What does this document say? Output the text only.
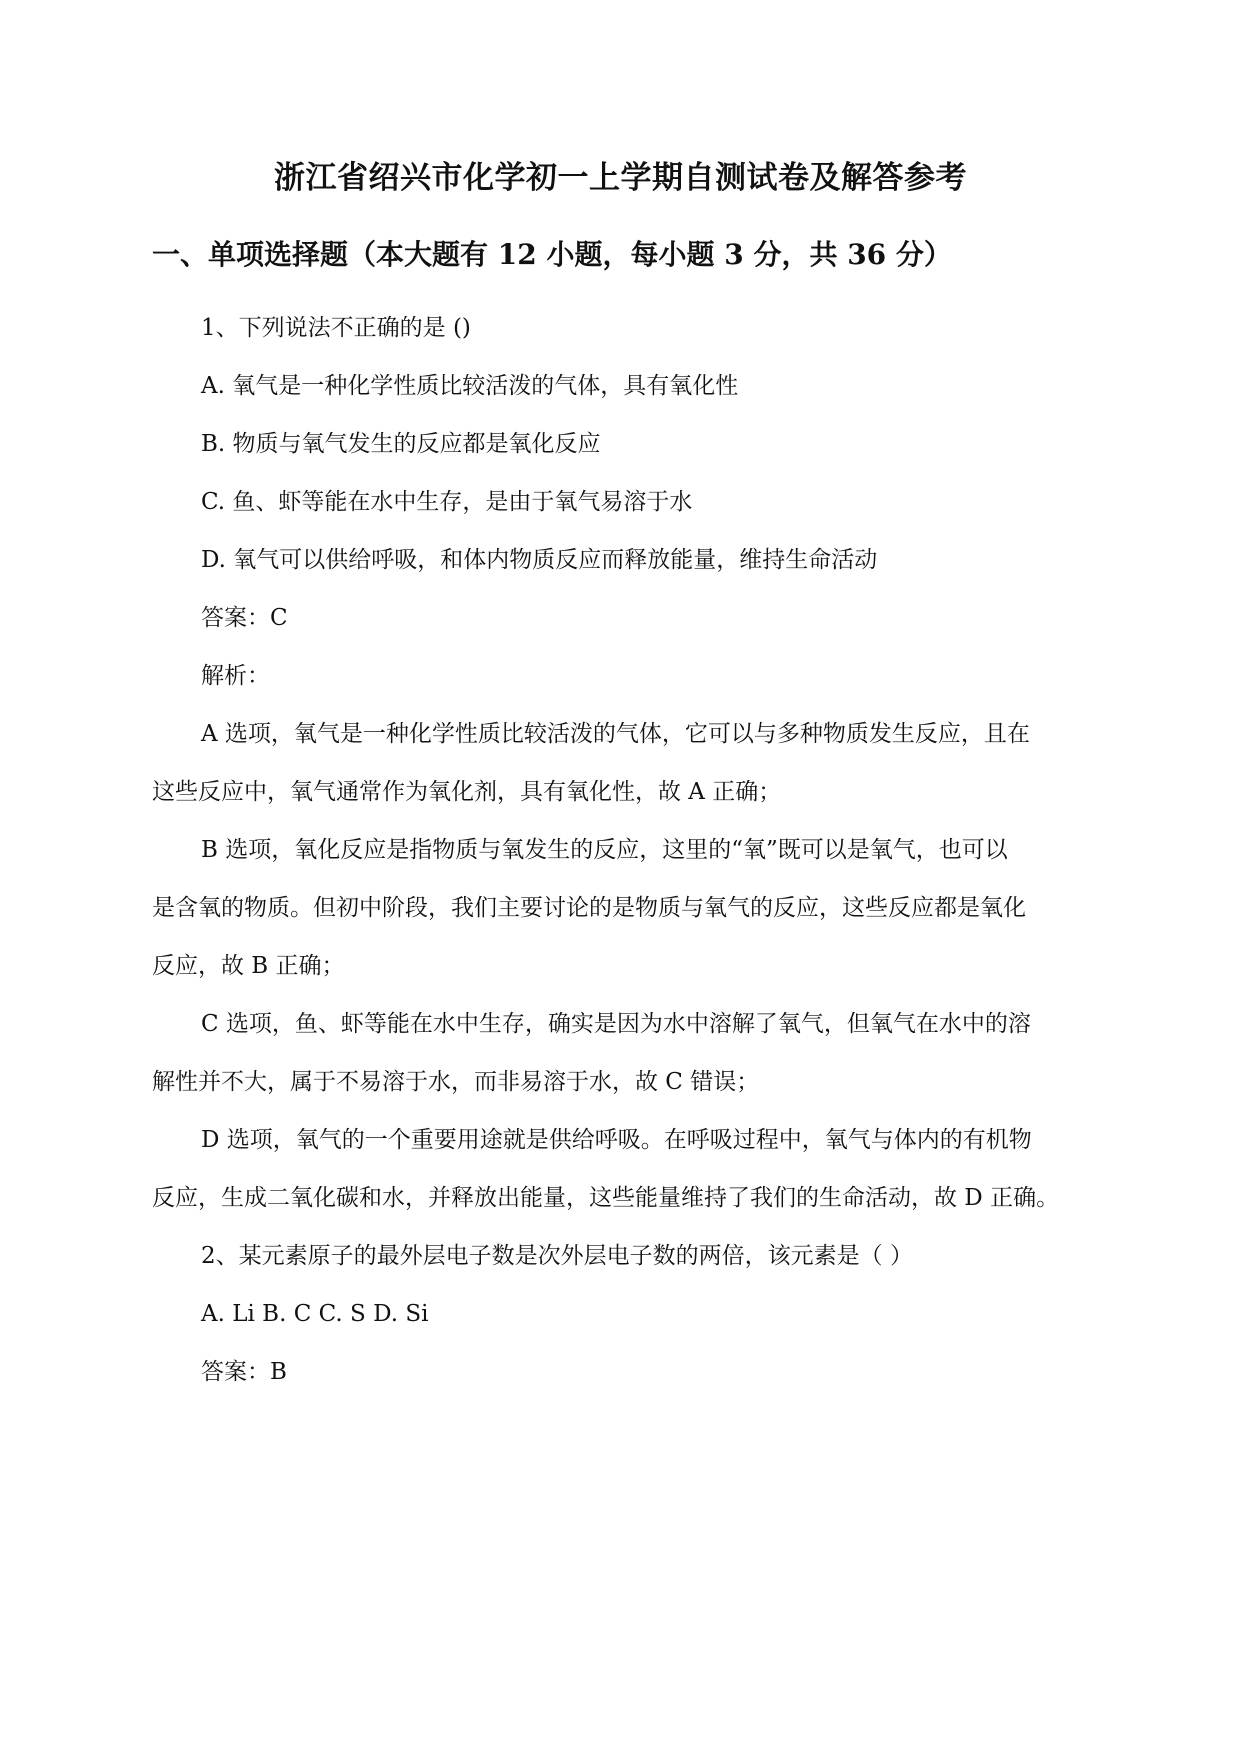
浙江省绍兴市化学初一上学期自测试卷及解答参考
一、单项选择题（本大题有 12 小题，每小题 3 分，共 36 分）
1、下列说法不正确的是 ()
A. 氧气是一种化学性质比较活泼的气体，具有氧化性
B. 物质与氧气发生的反应都是氧化反应
C. 鱼、虾等能在水中生存，是由于氧气易溶于水
D. 氧气可以供给呼吸，和体内物质反应而释放能量，维持生命活动
答案：C
解析：
A 选项，氧气是一种化学性质比较活泼的气体，它可以与多种物质发生反应，且在
这些反应中，氧气通常作为氧化剂，具有氧化性，故 A 正确；
B 选项，氧化反应是指物质与氧发生的反应，这里的“氧”既可以是氧气，也可以
是含氧的物质。但初中阶段，我们主要讨论的是物质与氧气的反应，这些反应都是氧化
反应，故 B 正确；
C 选项，鱼、虾等能在水中生存，确实是因为水中溶解了氧气，但氧气在水中的溶
解性并不大，属于不易溶于水，而非易溶于水，故 C 错误；
D 选项，氧气的一个重要用途就是供给呼吸。在呼吸过程中，氧气与体内的有机物
反应，生成二氧化碳和水，并释放出能量，这些能量维持了我们的生命活动，故 D 正确。
2、某元素原子的最外层电子数是次外层电子数的两倍，该元素是（ ）
A. Li B. C C. S D. Si
答案：B
